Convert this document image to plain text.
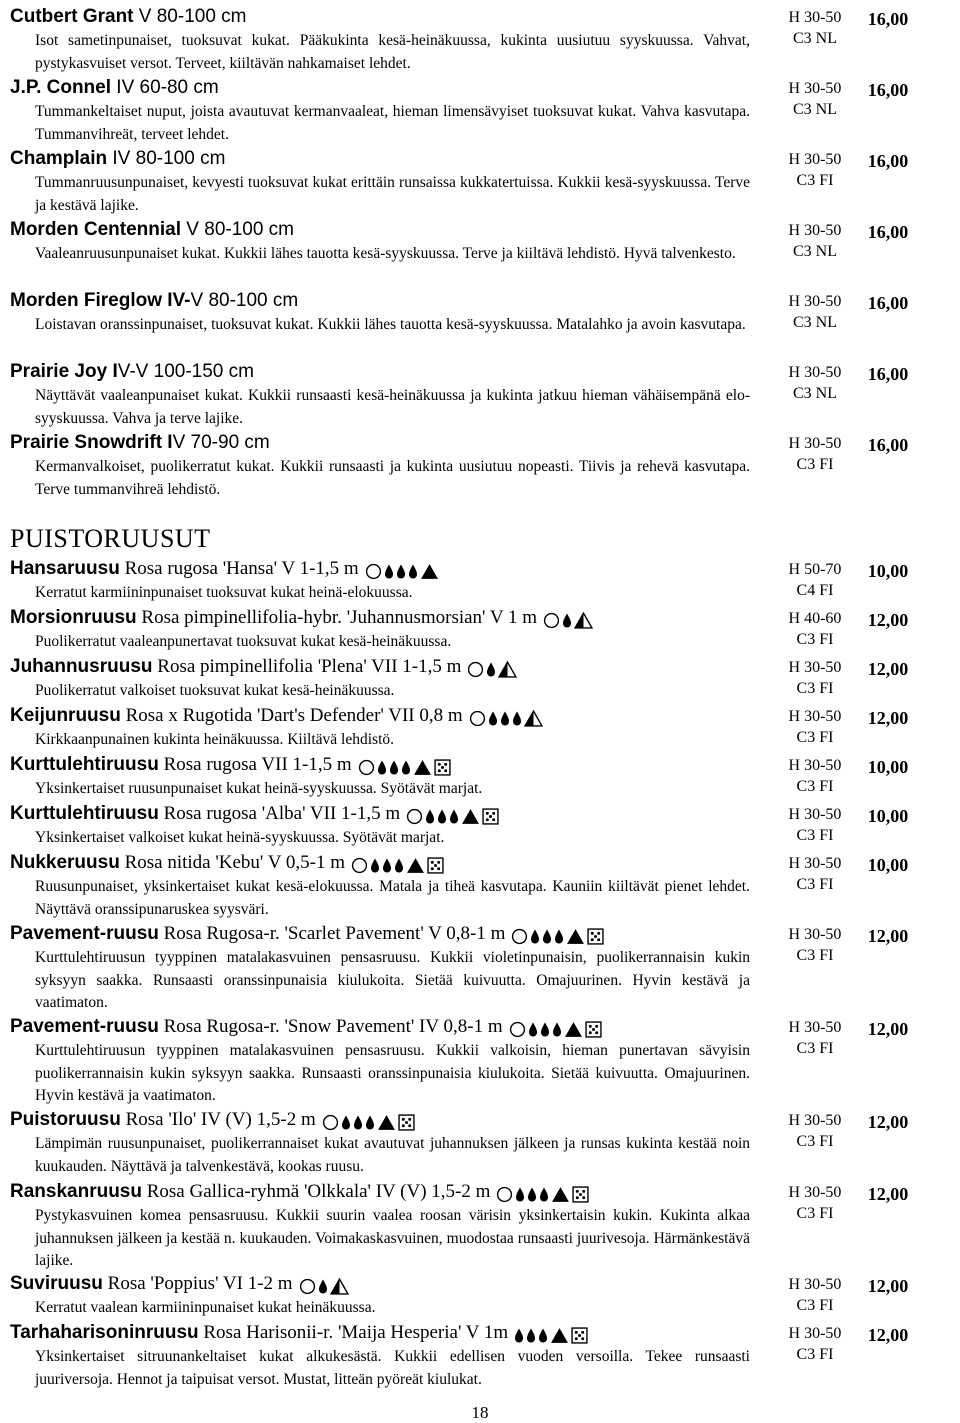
Cutbert Grant V 80-100 cm
Isot sametinpunaiset, tuoksuvat kukat. Pääkukinta kesä-heinäkuussa, kukinta uusiutuu syyskuussa. Vahvat, pystykasvuiset versot. Terveet, kiiltävän nahkamaiset lehdet.
H 30-50
C3 NL
16,00
J.P. Connel IV 60-80 cm
Tummankeltaiset nuput, joista avautuvat kermanvaaleat, hieman limensävyiset tuoksuvat kukat. Vahva kasvutapa. Tummanvihreät, terveet lehdet.
H 30-50
C3 NL
16,00
Champlain IV 80-100 cm
Tummanruusunpunaiset, kevyesti tuoksuvat kukat erittäin runsaissa kukkatertuissa. Kukkii kesä-syyskuussa. Terve ja kestävä lajike.
H 30-50
C3 FI
16,00
Morden Centennial V 80-100 cm
Vaaleanruusunpunaiset kukat. Kukkii lähes tauotta kesä-syyskuussa. Terve ja kiiltävä lehdistö. Hyvä talvenkesto.
H 30-50
C3 NL
16,00
Morden Fireglow IV-V 80-100 cm
Loistavan oranssinpunaiset, tuoksuvat kukat. Kukkii lähes tauotta kesä-syyskuussa. Matalahko ja avoin kasvutapa.
H 30-50
C3 NL
16,00
Prairie Joy IV-V 100-150 cm
Näyttävät vaaleanpunaiset kukat. Kukkii runsaasti kesä-heinäkuussa ja kukinta jatkuu hieman vähäisempänä elo-syyskuussa. Vahva ja terve lajike.
H 30-50
C3 NL
16,00
Prairie Snowdrift IV 70-90 cm
Kermanvalkoiset, puolikerratut kukat. Kukkii runsaasti ja kukinta uusiutuu nopeasti. Tiivis ja rehevä kasvutapa. Terve tummanvihreä lehdistö.
H 30-50
C3 FI
16,00
PUISTORUUSUT
Hansaruusu Rosa rugosa 'Hansa' V 1-1,5 m
Kerratut karmiininpunaiset tuoksuvat kukat heinä-elokuussa.
H 50-70
C4 FI
10,00
Morsionruusu Rosa pimpinellifolia-hybr. 'Juhannusmorsian' V 1 m
Puolikerratut vaaleanpunertavat tuoksuvat kukat kesä-heinäkuussa.
H 40-60
C3 FI
12,00
Juhannusruusu Rosa pimpinellifolia 'Plena' VII 1-1,5 m
Puolikerratut valkoiset tuoksuvat kukat kesä-heinäkuussa.
H 30-50
C3 FI
12,00
Keijunruusu Rosa x Rugotida 'Dart's Defender' VII 0,8 m
Kirkkaanpunainen kukinta heinäkuussa. Kiiltävä lehdistö.
H 30-50
C3 FI
12,00
Kurttulehtiruusu Rosa rugosa VII 1-1,5 m
Yksinkertaiset ruusunpunaiset kukat heinä-syyskuussa. Syötävät marjat.
H 30-50
C3 FI
10,00
Kurttulehtiruusu Rosa rugosa 'Alba' VII 1-1,5 m
Yksinkertaiset valkoiset kukat heinä-syyskuussa. Syötävät marjat.
H 30-50
C3 FI
10,00
Nukkeruusu Rosa nitida 'Kebu' V 0,5-1 m
Ruusunpunaiset, yksinkertaiset kukat kesä-elokuussa. Matala ja tiheä kasvutapa. Kauniin kiiltävät pienet lehdet. Näyttävä oranssipunaruskea syysväri.
H 30-50
C3 FI
10,00
Pavement-ruusu Rosa Rugosa-r. 'Scarlet Pavement' V 0,8-1 m
Kurttulehtiruusun tyyppinen matalakasvuinen pensasruusu. Kukkii violetinpunaisin, puolikerrannaisin kukin syksyyn saakka. Runsaasti oranssinpunaisia kiulukoita. Sietää kuivuutta. Omajuurinen. Hyvin kestävä ja vaatimaton.
H 30-50
C3 FI
12,00
Pavement-ruusu Rosa Rugosa-r. 'Snow Pavement' IV 0,8-1 m
Kurttulehtiruusun tyyppinen matalakasvuinen pensasruusu. Kukkii valkoisin, hieman punertavan sävyisin puolikerrannaisin kukin syksyyn saakka. Runsaasti oranssinpunaisia kiulukoita. Sietää kuivuutta. Omajuurinen. Hyvin kestävä ja vaatimaton.
H 30-50
C3 FI
12,00
Puistoruusu Rosa 'Ilo' IV (V) 1,5-2 m
Lämpimän ruusunpunaiset, puolikerrannaiset kukat avautuvat juhannuksen jälkeen ja runsas kukinta kestää noin kuukauden. Näyttävä ja talvenkestävä, kookas ruusu.
H 30-50
C3 FI
12,00
Ranskanruusu Rosa Gallica-ryhmä 'Olkkala' IV (V) 1,5-2 m
Pystykasvuinen komea pensasruusu. Kukkii suurin vaalea roosan värisin yksinkertaisin kukin. Kukinta alkaa juhannuksen jälkeen ja kestää n. kuukauden. Voimakaskasvuinen, muodostaa runsaasti juurivesoja. Härmänkestävä lajike.
H 30-50
C3 FI
12,00
Suviruusu Rosa 'Poppius' VI 1-2 m
Kerratut vaalean karmiininpunaiset kukat heinäkuussa.
H 30-50
C3 FI
12,00
Tarhaharisoninruusu Rosa Harisonii-r. 'Maija Hesperia' V 1m
Yksinkertaiset sitruunankeltaiset kukat alkukesästä. Kukkii edellisen vuoden versoilla. Tekee runsaasti juuriversoja. Hennot ja taipuisat versot. Mustat, litteän pyöreät kiulukat.
H 30-50
C3 FI
12,00
18
